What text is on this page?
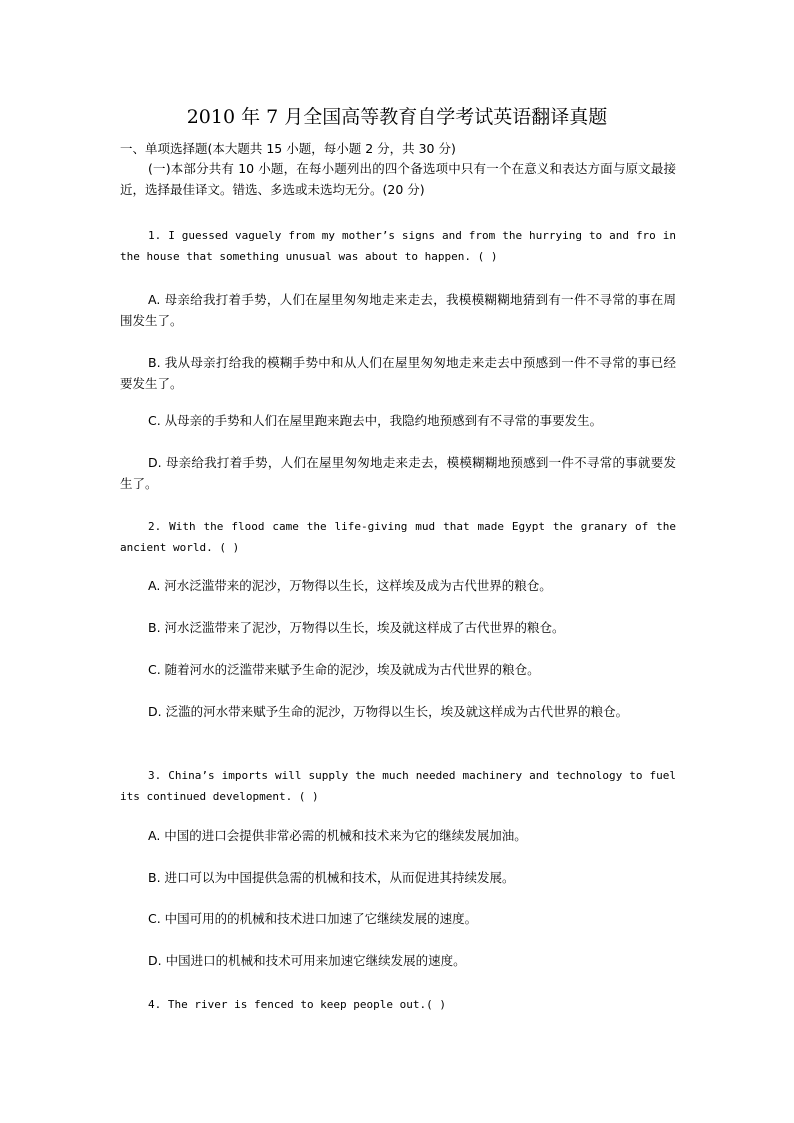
2010 年 7 月全国高等教育自学考试英语翻译真题
一、单项选择题(本大题共 15 小题，每小题 2 分，共 30 分)
(一)本部分共有 10 小题，在每小题列出的四个备选项中只有一个在意义和表达方面与原文最接近，选择最佳译文。错选、多选或未选均无分。(20 分)
1. I guessed vaguely from my mother’s signs and from the hurrying to and fro in the house that something unusual was about to happen. ( )
A. 母亲给我打着手势，人们在屋里匆匆地走来走去，我模模糊糊地猜到有一件不寻常的事在周围发生了。
B. 我从母亲打给我的模糊手势中和从人们在屋里匆匆地走来走去中预感到一件不寻常的事已经要发生了。
C. 从母亲的手势和人们在屋里跑来跑去中，我隐约地预感到有不寻常的事要发生。
D. 母亲给我打着手势，人们在屋里匆匆地走来走去，模模糊糊地预感到一件不寻常的事就要发生了。
2. With the flood came the life-giving mud that made Egypt the granary of the ancient world. ( )
A. 河水泛滥带来的泥沙，万物得以生长，这样埃及成为古代世界的粮仓。
B. 河水泛滥带来了泥沙，万物得以生长，埃及就这样成了古代世界的粮仓。
C. 随着河水的泛滥带来赋予生命的泥沙，埃及就成为古代世界的粮仓。
D. 泛滥的河水带来赋予生命的泥沙，万物得以生长，埃及就这样成为古代世界的粮仓。
3. China’s imports will supply the much needed machinery and technology to fuel its continued development. ( )
A. 中国的进口会提供非常必需的机械和技术来为它的继续发展加油。
B. 进口可以为中国提供急需的机械和技术，从而促进其持续发展。
C. 中国可用的的机械和技术进口加速了它继续发展的速度。
D. 中国进口的机械和技术可用来加速它继续发展的速度。
4. The river is fenced to keep people out.( )
